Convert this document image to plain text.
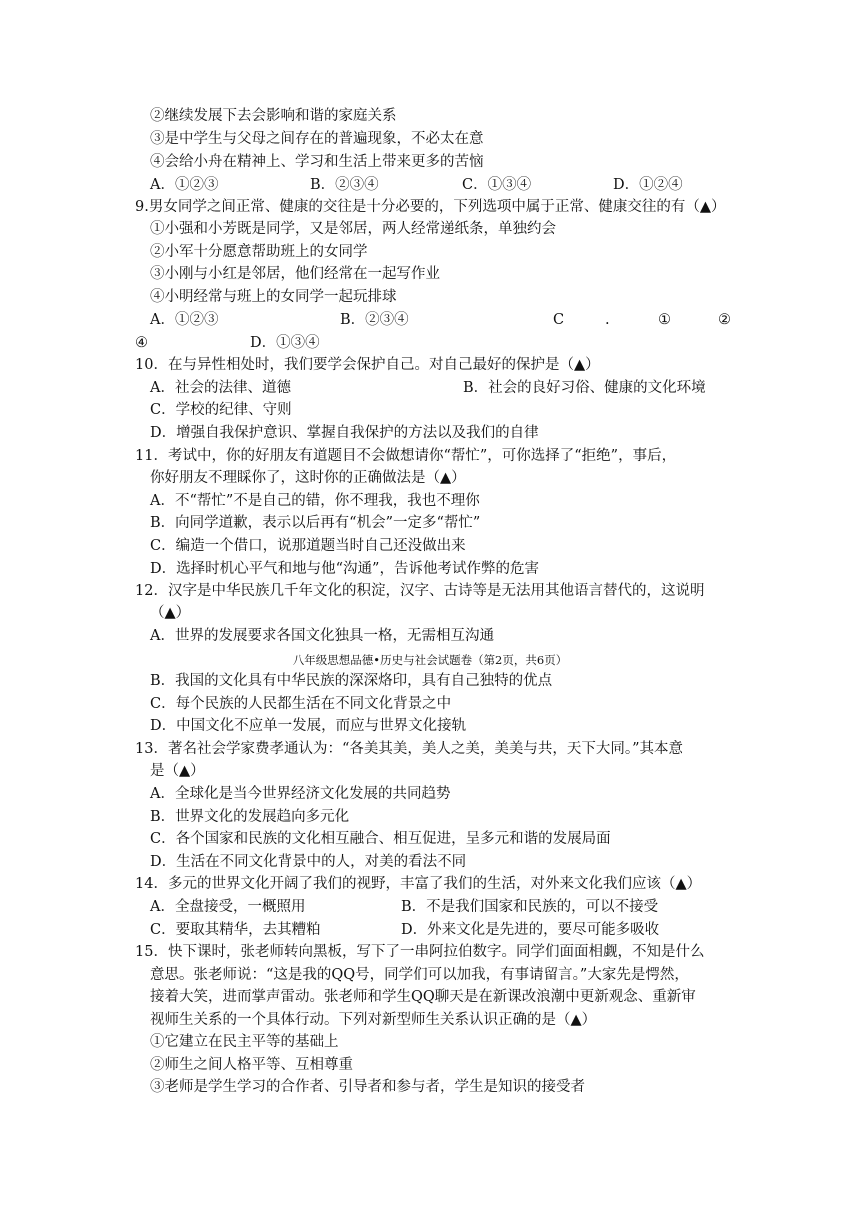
②继续发展下去会影响和谐的家庭关系
③是中学生与父母之间存在的普遍现象，不必太在意
④会给小舟在精神上、学习和生活上带来更多的苦恼
A．①②③	B．②③④	C．①③④	D．①②④
9.男女同学之间正常、健康的交往是十分必要的，下列选项中属于正常、健康交往的有（▲）
①小强和小芳既是同学，又是邻居，两人经常递纸条，单独约会
②小军十分愿意帮助班上的女同学
③小刚与小红是邻居，他们经常在一起写作业
④小明经常与班上的女同学一起玩排球
A．①②③	B．②③④	C	.	①	②
④	D．①③④
10．在与异性相处时，我们要学会保护自己。对自己最好的保护是（▲）
A．社会的法律、道德	B．社会的良好习俗、健康的文化环境
C．学校的纪律、守则
D．增强自我保护意识、掌握自我保护的方法以及我们的自律
11．考试中，你的好朋友有道题目不会做想请你“帮忙”，可你选择了“拒绝”，事后，
你好朋友不理睬你了，这时你的正确做法是（▲）
A．不“帮忙”不是自己的错，你不理我，我也不理你
B．向同学道歉，表示以后再有“机会”一定多“帮忙”
C．编造一个借口，说那道题当时自己还没做出来
D．选择时机心平气和地与他“沟通”，告诉他考试作弊的危害
12．汉字是中华民族几千年文化的积淀，汉字、古诗等是无法用其他语言替代的，这说明
（▲）
A．世界的发展要求各国文化独具一格，无需相互沟通
八年级思想品德•历史与社会试题卷（第2页，共6页）
B．我国的文化具有中华民族的深深烙印，具有自己独特的优点
C．每个民族的人民都生活在不同文化背景之中
D．中国文化不应单一发展，而应与世界文化接轨
13．著名社会学家费孝通认为：“各美其美，美人之美，美美与共，天下大同。”其本意
是（▲）
A．全球化是当今世界经济文化发展的共同趋势
B．世界文化的发展趋向多元化
C．各个国家和民族的文化相互融合、相互促进，呈多元和谐的发展局面
D．生活在不同文化背景中的人，对美的看法不同
14．多元的世界文化开阔了我们的视野，丰富了我们的生活，对外来文化我们应该（▲）
A．全盘接受，一概照用	B．不是我们国家和民族的，可以不接受
C．要取其精华，去其糟粕	D．外来文化是先进的，要尽可能多吸收
15．快下课时，张老师转向黑板，写下了一串阿拉伯数字。同学们面面相觑，不知是什么
意思。张老师说：“这是我的QQ号，同学们可以加我，有事请留言。”大家先是愕然，
接着大笑，进而掌声雷动。张老师和学生QQ聊天是在新课改浪潮中更新观念、重新审
视师生关系的一个具体行动。下列对新型师生关系认识正确的是（▲）
①它建立在民主平等的基础上
②师生之间人格平等、互相尊重
③老师是学生学习的合作者、引导者和参与者，学生是知识的接受者
